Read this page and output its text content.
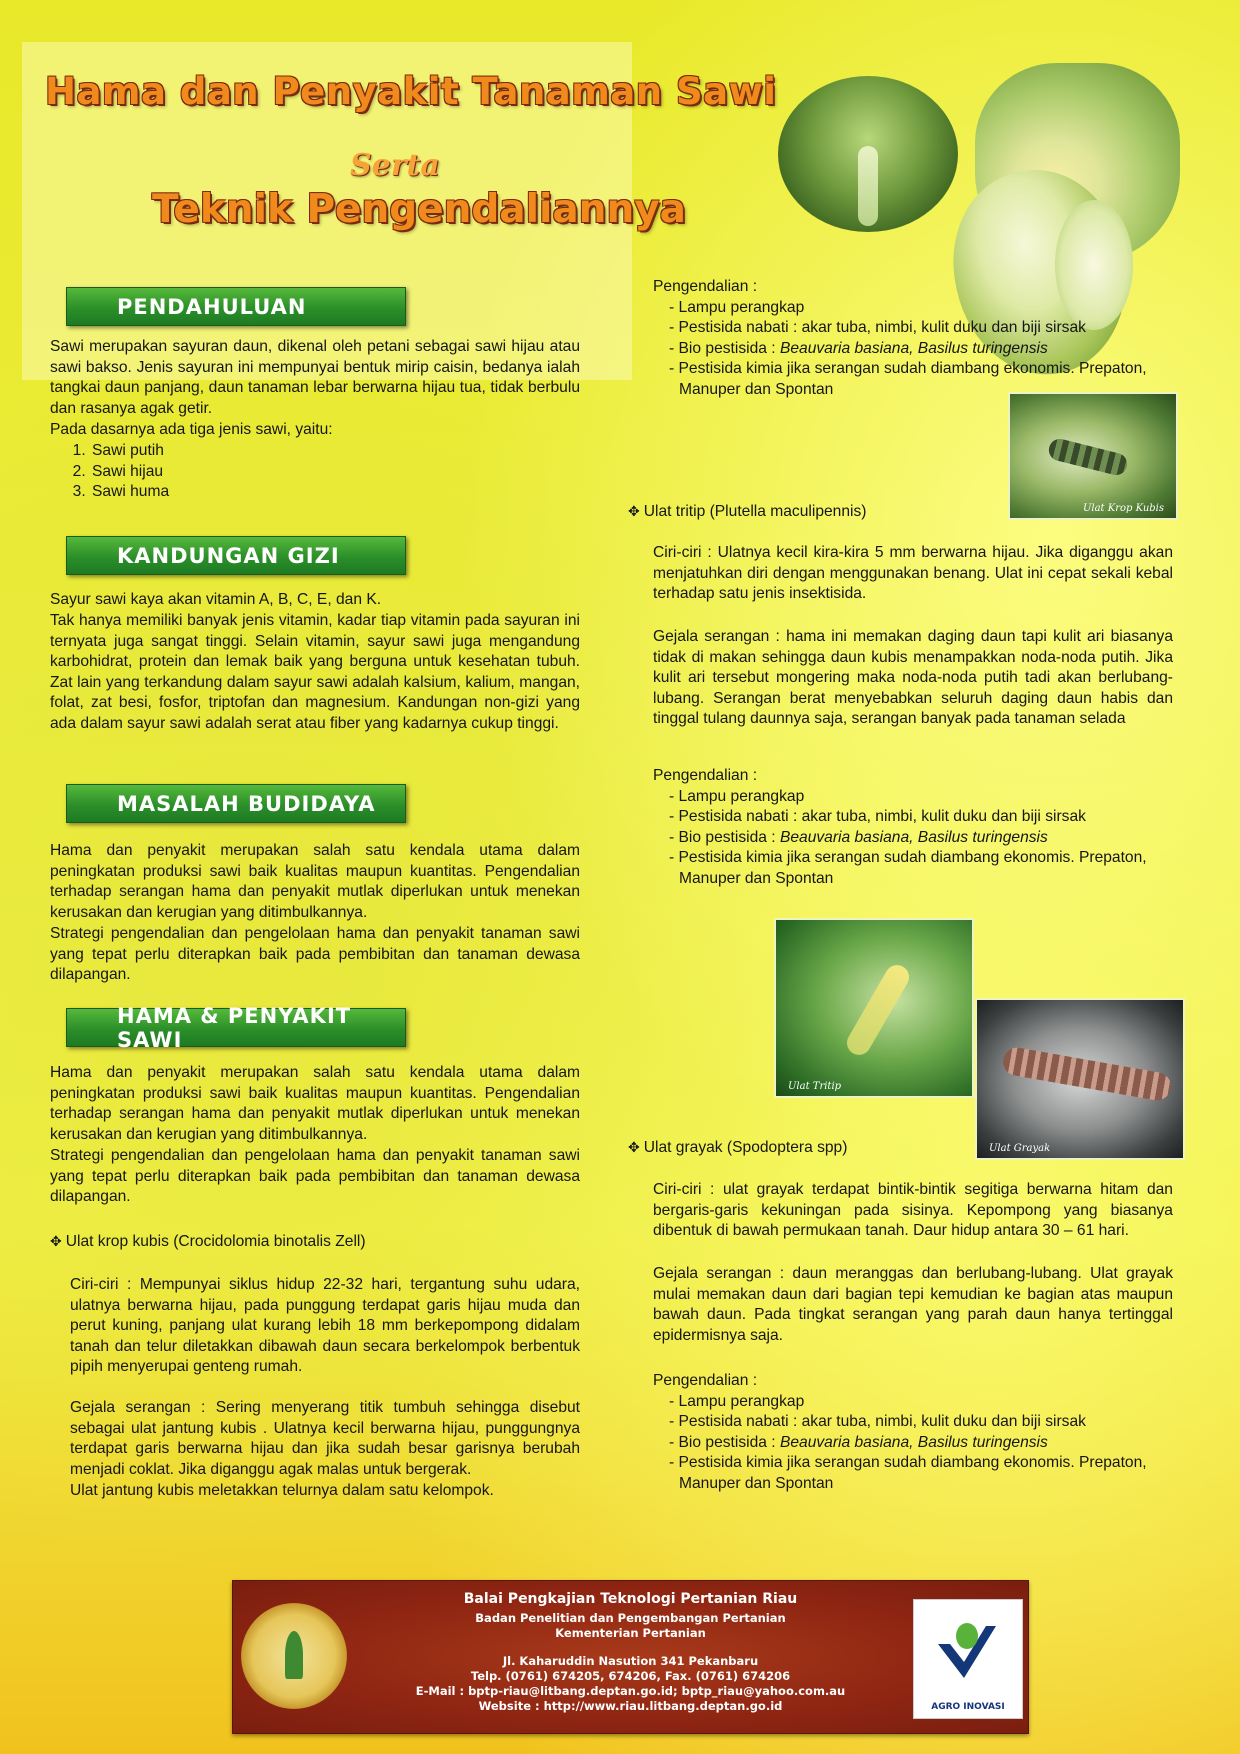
Hama dan Penyakit Tanaman Sawi
Serta
Teknik Pengendaliannya
PENDAHULUAN

Sawi merupakan sayuran daun, dikenal oleh petani sebagai sawi hijau atau sawi bakso. Jenis sayuran ini mempunyai bentuk mirip caisin, bedanya ialah tangkai daun panjang, daun tanaman lebar berwarna hijau tua, tidak berbulu dan rasanya agak getir.

Pada dasarnya ada tiga jenis sawi, yaitu:

1. Sawi putih
2. Sawi hijau
3. Sawi huma
KANDUNGAN GIZI

Sayur sawi kaya akan vitamin A, B, C, E, dan K.

Tak hanya memiliki banyak jenis vitamin, kadar tiap vitamin pada sayuran ini ternyata juga sangat tinggi. Selain vitamin, sayur sawi juga mengandung karbohidrat, protein dan lemak baik yang berguna untuk kesehatan tubuh. Zat lain yang terkandung dalam sayur sawi adalah kalsium, kalium, mangan, folat, zat besi, fosfor, triptofan dan magnesium. Kandungan non-gizi yang ada dalam sayur sawi adalah serat atau fiber yang kadarnya cukup tinggi.

MASALAH BUDIDAYA

Hama dan penyakit merupakan salah satu kendala utama dalam peningkatan produksi sawi baik kualitas maupun kuantitas. Pengendalian terhadap serangan hama dan penyakit mutlak diperlukan untuk menekan kerusakan dan kerugian yang ditimbulkannya.

Strategi pengendalian dan pengelolaan hama dan penyakit tanaman sawi yang tepat perlu diterapkan baik pada pembibitan dan tanaman dewasa dilapangan.

HAMA & PENYAKIT SAWI

Hama dan penyakit merupakan salah satu kendala utama dalam peningkatan produksi sawi baik kualitas maupun kuantitas. Pengendalian terhadap serangan hama dan penyakit mutlak diperlukan untuk menekan kerusakan dan kerugian yang ditimbulkannya.

Strategi pengendalian dan pengelolaan hama dan penyakit tanaman sawi yang tepat perlu diterapkan baik pada pembibitan dan tanaman dewasa dilapangan.

✥ Ulat krop kubis (Crocidolomia binotalis Zell)

Ciri-ciri : Mempunyai siklus hidup 22-32 hari, tergantung suhu udara, ulatnya berwarna hijau, pada punggung terdapat garis hijau muda dan perut kuning, panjang ulat kurang lebih 18 mm berkepompong didalam tanah dan telur diletakkan dibawah daun secara berkelompok berbentuk pipih menyerupai genteng rumah.

Gejala serangan : Sering menyerang titik tumbuh sehingga disebut sebagai ulat jantung kubis . Ulatnya kecil berwarna hijau, punggungnya terdapat garis berwarna hijau dan jika sudah besar garisnya berubah menjadi coklat. Jika diganggu agak malas untuk bergerak.

Ulat jantung kubis meletakkan telurnya dalam satu kelompok.

Pengendalian :
- Lampu perangkap
- Pestisida nabati : akar tuba, nimbi, kulit duku dan biji sirsak
- Bio pestisida : Beauvaria basiana, Basilus turingensis
- Pestisida kimia jika serangan sudah diambang ekonomis. Prepaton, Manuper dan Spontan
Ulat Krop Kubis

✥ Ulat tritip (Plutella maculipennis)

Ciri-ciri : Ulatnya kecil kira-kira 5 mm berwarna hijau. Jika diganggu akan menjatuhkan diri dengan menggunakan benang. Ulat ini cepat sekali kebal terhadap satu jenis insektisida.

Gejala serangan : hama ini memakan daging daun tapi kulit ari biasanya tidak di makan sehingga daun kubis menampakkan noda-noda putih. Jika kulit ari tersebut mongering maka noda-noda putih tadi akan berlubang-lubang. Serangan berat menyebabkan seluruh daging daun habis dan tinggal tulang daunnya saja, serangan banyak pada tanaman selada

Pengendalian :
- Lampu perangkap
- Pestisida nabati : akar tuba, nimbi, kulit duku dan biji sirsak
- Bio pestisida : Beauvaria basiana, Basilus turingensis
- Pestisida kimia jika serangan sudah diambang ekonomis. Prepaton, Manuper dan Spontan
Ulat Tritip
Ulat Grayak

✥ Ulat grayak (Spodoptera spp)

Ciri-ciri : ulat grayak terdapat bintik-bintik segitiga berwarna hitam dan bergaris-garis kekuningan pada sisinya. Kepompong yang biasanya dibentuk di bawah permukaan tanah. Daur hidup antara 30 – 61 hari.

Gejala serangan : daun meranggas dan berlubang-lubang. Ulat grayak mulai memakan daun dari bagian tepi kemudian ke bagian atas maupun bawah daun. Pada tingkat serangan yang parah daun hanya tertinggal epidermisnya saja.

Pengendalian :
- Lampu perangkap
- Pestisida nabati : akar tuba, nimbi, kulit duku dan biji sirsak
- Bio pestisida : Beauvaria basiana, Basilus turingensis
- Pestisida kimia jika serangan sudah diambang ekonomis. Prepaton, Manuper dan Spontan
Balai Pengkajian Teknologi Pertanian Riau
Badan Penelitian dan Pengembangan Pertanian
Kementerian Pertanian
Jl. Kaharuddin Nasution 341 Pekanbaru
Telp. (0761) 674205, 674206, Fax. (0761) 674206
E-Mail : bptp-riau@litbang.deptan.go.id; bptp_riau@yahoo.com.au
Website : http://www.riau.litbang.deptan.go.id	AGRO INOVASI
